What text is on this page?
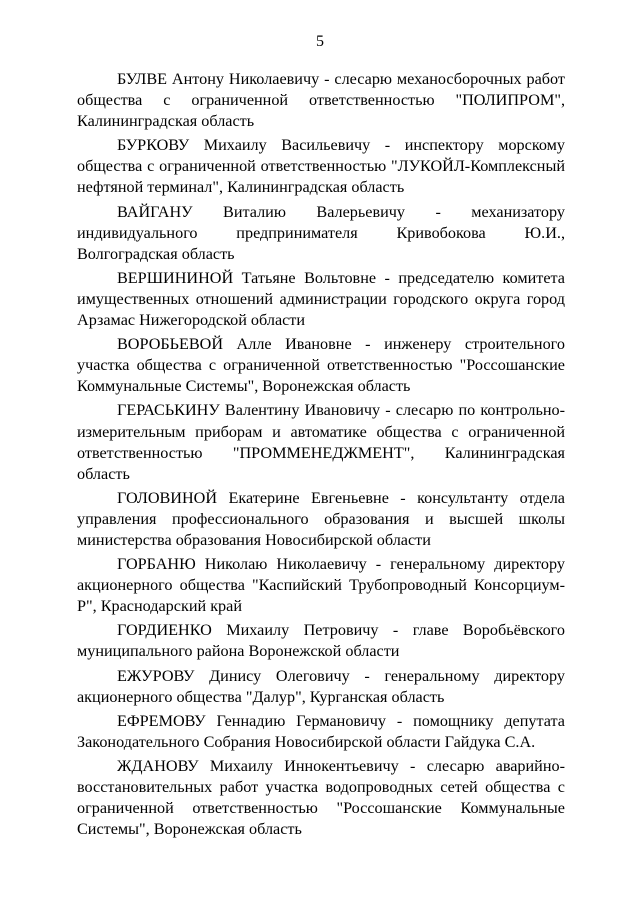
5

БУЛВЕ Антону Николаевичу - слесарю механосборочных работ общества с ограниченной ответственностью "ПОЛИПРОМ", Калининградская область

БУРКОВУ Михаилу Васильевичу - инспектору морскому общества с ограниченной ответственностью "ЛУКОЙЛ-Комплексный нефтяной терминал", Калининградская область

ВАЙГАНУ Виталию Валерьевичу - механизатору индивидуального предпринимателя Кривобокова Ю.И., Волгоградская область

ВЕРШИНИНОЙ Татьяне Вольтовне - председателю комитета имущественных отношений администрации городского округа город Арзамас Нижегородской области

ВОРОБЬЕВОЙ Алле Ивановне - инженеру строительного участка общества с ограниченной ответственностью "Россошанские Коммунальные Системы", Воронежская область

ГЕРАСЬКИНУ Валентину Ивановичу - слесарю по контрольно-измерительным приборам и автоматике общества с ограниченной ответственностью "ПРОММЕНЕДЖМЕНТ", Калининградская область

ГОЛОВИНОЙ Екатерине Евгеньевне - консультанту отдела управления профессионального образования и высшей школы министерства образования Новосибирской области

ГОРБАНЮ Николаю Николаевичу - генеральному директору акционерного общества "Каспийский Трубопроводный Консорциум-Р", Краснодарский край

ГОРДИЕНКО Михаилу Петровичу - главе Воробьёвского муниципального района Воронежской области

ЕЖУРОВУ Динису Олеговичу - генеральному директору акционерного общества "Далур", Курганская область

ЕФРЕМОВУ Геннадию Германовичу - помощнику депутата Законодательного Собрания Новосибирской области Гайдука С.А.

ЖДАНОВУ Михаилу Иннокентьевичу - слесарю аварийно-восстановительных работ участка водопроводных сетей общества с ограниченной ответственностью "Россошанские Коммунальные Системы", Воронежская область
